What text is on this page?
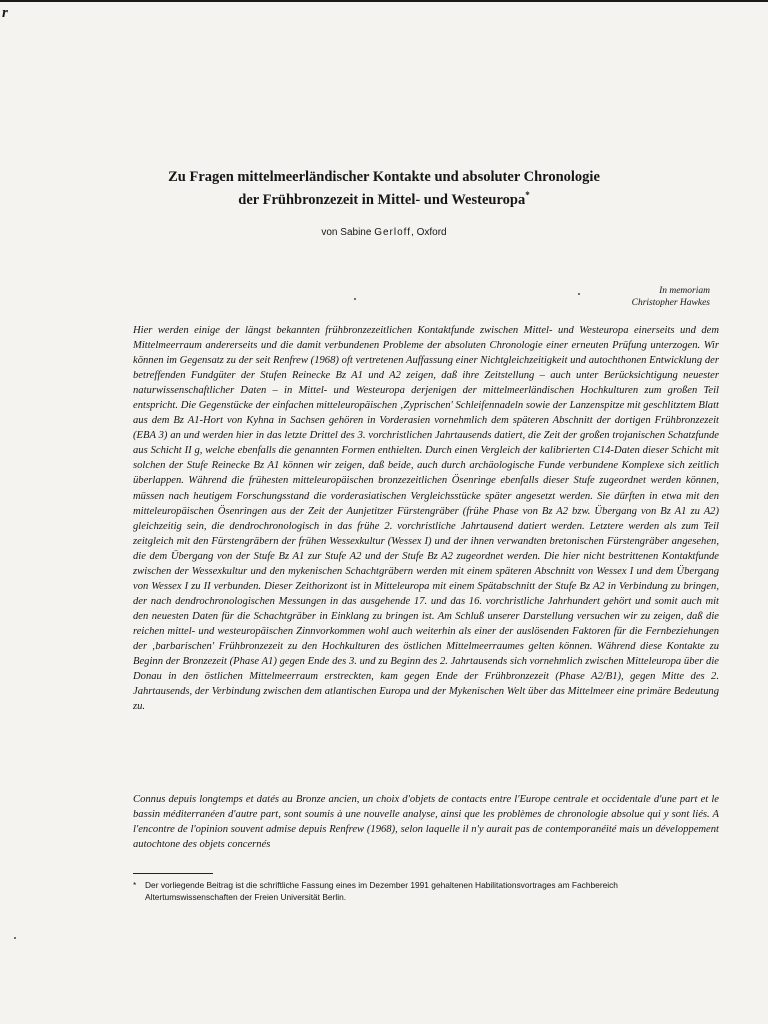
r
Zu Fragen mittelmeerländischer Kontakte und absoluter Chronologie
der Frühbronzezeit in Mittel- und Westeuropa*
von Sabine Gerloff, Oxford
In memoriam
Christopher Hawkes

Hier werden einige der längst bekannten frühbronzezeitlichen Kontaktfunde zwischen Mittel- und Westeuropa einerseits und dem Mittelmeerraum andererseits und die damit verbundenen Probleme der absoluten Chronologie einer erneuten Prüfung unterzogen. Wir können im Gegensatz zu der seit Renfrew (1968) oft vertretenen Auffassung einer Nichtgleichzeitigkeit und autochthonen Entwicklung der betreffenden Fundgüter der Stufen Reinecke Bz A1 und A2 zeigen, daß ihre Zeitstellung – auch unter Berücksichtigung neuester naturwissenschaftlicher Daten – in Mittel- und Westeuropa derjenigen der mittelmeerländischen Hochkulturen zum großen Teil entspricht. Die Gegenstücke der einfachen mitteleuropäischen ‚Zyprischen' Schleifennadeln sowie der Lanzenspitze mit geschlitztem Blatt aus dem Bz A1-Hort von Kyhna in Sachsen gehören in Vorderasien vornehmlich dem späteren Abschnitt der dortigen Frühbronzezeit (EBA 3) an und werden hier in das letzte Drittel des 3. vorchristlichen Jahrtausends datiert, die Zeit der großen trojanischen Schatzfunde aus Schicht II g, welche ebenfalls die genannten Formen enthielten. Durch einen Vergleich der kalibrierten C14-Daten dieser Schicht mit solchen der Stufe Reinecke Bz A1 können wir zeigen, daß beide, auch durch archäologische Funde verbundene Komplexe sich zeitlich überlappen. Während die frühesten mitteleuropäischen bronzezeitlichen Ösenringe ebenfalls dieser Stufe zugeordnet werden können, müssen nach heutigem Forschungsstand die vorderasiatischen Vergleichsstücke später angesetzt werden. Sie dürften in etwa mit den mitteleuropäischen Ösenringen aus der Zeit der Aunjetitzer Fürstengräber (frühe Phase von Bz A2 bzw. Übergang von Bz A1 zu A2) gleichzeitig sein, die dendrochronologisch in das frühe 2. vorchristliche Jahrtausend datiert werden. Letztere werden als zum Teil zeitgleich mit den Fürstengräbern der frühen Wessexkultur (Wessex I) und der ihnen verwandten bretonischen Fürstengräber angesehen, die dem Übergang von der Stufe Bz A1 zur Stufe A2 und der Stufe Bz A2 zugeordnet werden. Die hier nicht bestrittenen Kontaktfunde zwischen der Wessexkultur und den mykenischen Schachtgräbern werden mit einem späteren Abschnitt von Wessex I und dem Übergang von Wessex I zu II verbunden. Dieser Zeithorizont ist in Mitteleuropa mit einem Spätabschnitt der Stufe Bz A2 in Verbindung zu bringen, der nach dendrochronologischen Messungen in das ausgehende 17. und das 16. vorchristliche Jahrhundert gehört und somit auch mit den neuesten Daten für die Schachtgräber in Einklang zu bringen ist. Am Schluß unserer Darstellung versuchen wir zu zeigen, daß die reichen mittel- und westeuropäischen Zinnvorkommen wohl auch weiterhin als einer der auslösenden Faktoren für die Fernbeziehungen der ‚barbarischen' Frühbronzezeit zu den Hochkulturen des östlichen Mittelmeerraumes gelten können. Während diese Kontakte zu Beginn der Bronzezeit (Phase A1) gegen Ende des 3. und zu Beginn des 2. Jahrtausends sich vornehmlich zwischen Mitteleuropa über die Donau in den östlichen Mittelmeerraum erstreckten, kam gegen Ende der Frühbronzezeit (Phase A2/B1), gegen Mitte des 2. Jahrtausends, der Verbindung zwischen dem atlantischen Europa und der Mykenischen Welt über das Mittelmeer eine primäre Bedeutung zu.

Connus depuis longtemps et datés au Bronze ancien, un choix d'objets de contacts entre l'Europe centrale et occidentale d'une part et le bassin méditerranéen d'autre part, sont soumis à une nouvelle analyse, ainsi que les problèmes de chronologie absolue qui y sont liés. A l'encontre de l'opinion souvent admise depuis Renfrew (1968), selon laquelle il n'y aurait pas de contemporanéité mais un développement autochtone des objets concernés

* Der vorliegende Beitrag ist die schriftliche Fassung eines im Dezember 1991 gehaltenen Habilitationsvortrages am Fachbereich
Altertumswissenschaften der Freien Universität Berlin.
